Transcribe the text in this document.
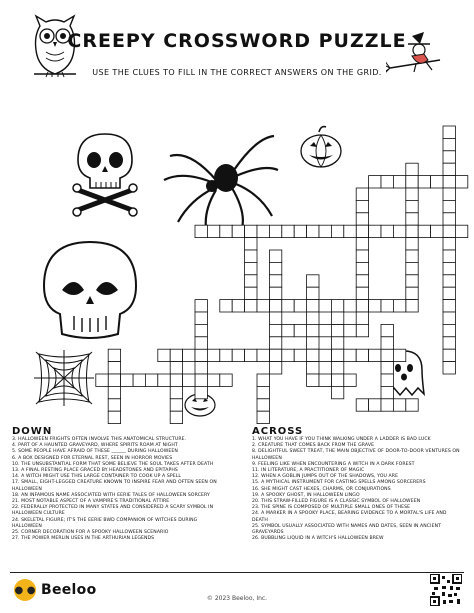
CREEPY CROSSWORD PUZZLE
USE THE CLUES TO FILL IN THE CORRECT ANSWERS ON THE GRID.
DOWN
3. HALLOWEEN FRIGHTS OFTEN INVOLVE THIS ANATOMICAL STRUCTURE.
4. PART OF A HAUNTED GRAVEYARD, WHERE SPIRITS ROAM AT NIGHT
5. SOME PEOPLE HAVE AFRAID OF THESE ______ DURING HALLOWEEN
6. A BOX DESIGNED FOR ETERNAL REST, SEEN IN HORROR MOVIES
10. THE UNSUBSTANTIAL FORM THAT SOME BELIEVE THE SOUL TAKES AFTER DEATH
13. A FINAL RESTING PLACE GRACED BY HEADSTONES AND EPITAPHS
14. A WITCH MIGHT USE THIS LARGE CONTAINER TO COOK UP A SPELL
17. SMALL, EIGHT-LEGGED CREATURE KNOWN TO INSPIRE FEAR AND OFTEN SEEN ON HALLOWEEN
18. AN INFAMOUS NAME ASSOCIATED WITH EERIE TALES OF HALLOWEEN SORCERY
21. MOST NOTABLE ASPECT OF A VAMPIRE'S TRADITIONAL ATTIRE
22. FEDERALLY PROTECTED IN MANY STATES AND CONSIDERED A SCARY SYMBOL IN HALLOWEEN CULTURE
24. SKELETAL FIGURE; IT'S THE EERIE BWD COMPANION OF WITCHES DURING HALLOWEEN
25. CORNER DECORATION FOR A SPOOKY HALLOWEEN SCENARIO
27. THE POWER MERLIN USES IN THE ARTHURIAN LEGENDS
ACROSS
1. WHAT YOU HAVE IF YOU THINK WALKING UNDER A LADDER IS BAD LUCK
2. CREATURE THAT COMES BACK FROM THE GRAVE
8. DELIGHTFUL SWEET TREAT, THE MAIN OBJECTIVE OF DOOR-TO-DOOR VENTURES ON HALLOWEEN
9. FEELING LIKE WHEN ENCOUNTERING A WITCH IN A DARK FOREST
11. IN LITERATURE, A PRACTITIONER OF MAGIC
12. WHEN A GOBLIN JUMPS OUT OF THE SHADOWS, YOU ARE
15. A MYTHICAL INSTRUMENT FOR CASTING SPELLS AMONG SORCERERS
16. SHE MIGHT CAST HEXES, CHARMS, OR CONJURATIONS
19. A SPOOKY GHOST, IN HALLOWEEN LINGO
20. THIS STRAW-FILLED FIGURE IS A CLASSIC SYMBOL OF HALLOWEEN
23. THE SPINE IS COMPOSED OF MULTIPLE SMALL ONES OF THESE
24. A MARKER IN A SPOOKY PLACE, BEARING EVIDENCE TO A MORTAL'S LIFE AND DEATH
25. SYMBOL USUALLY ASSOCIATED WITH NAMES AND DATES, SEEN IN ANCIENT GRAVEYARDS
26. BUBBLING LIQUID IN A WITCH'S HALLOWEEN BREW
● ● Beeloo
© 2023 Beeloo, Inc.
